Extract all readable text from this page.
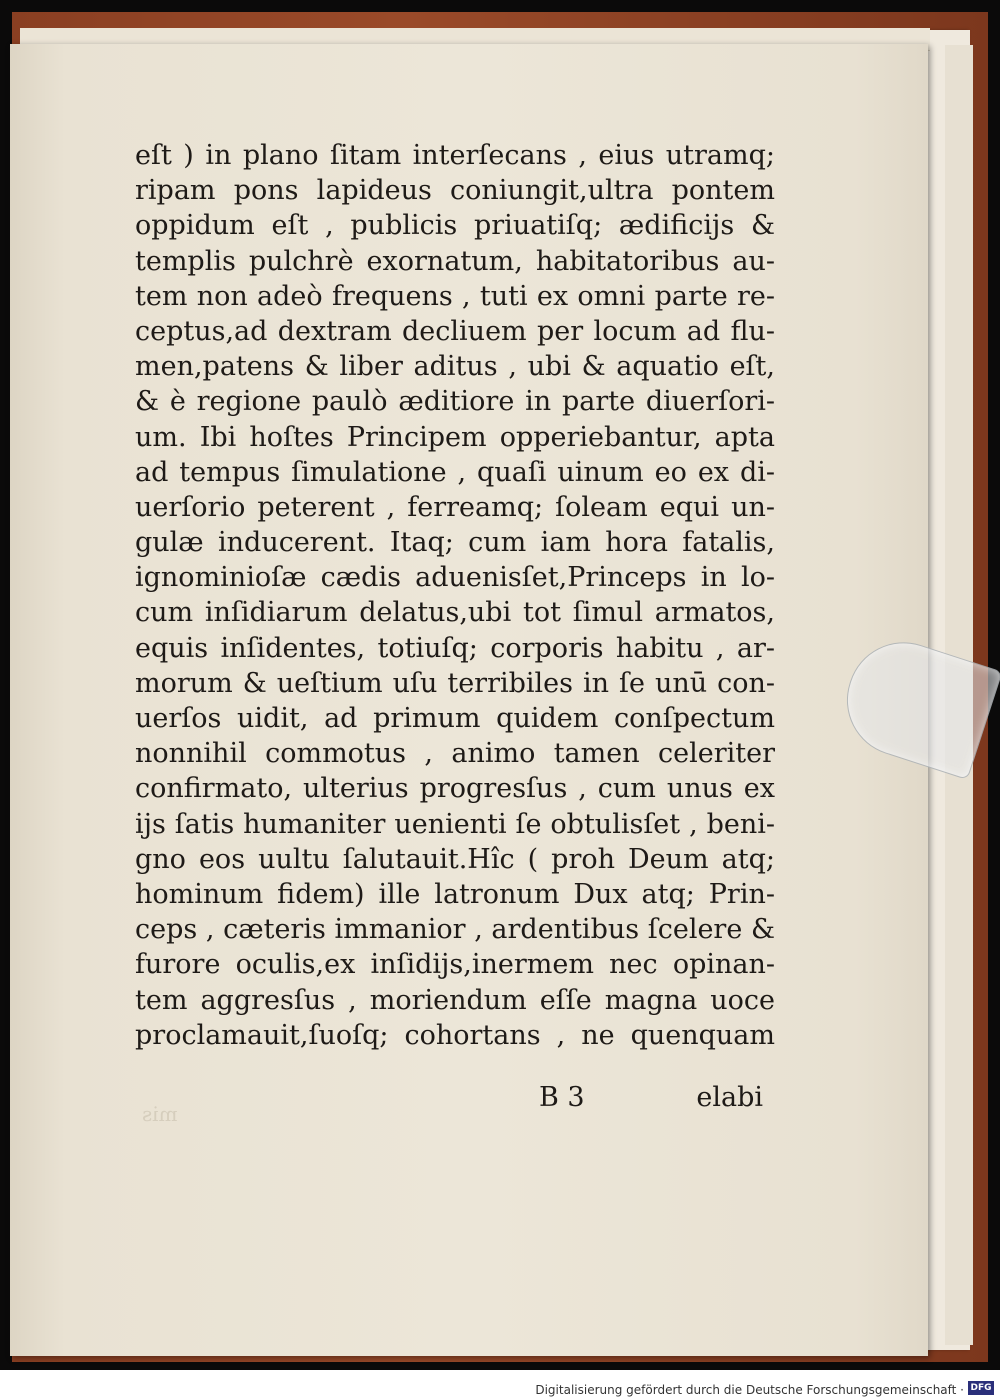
eſt ) in plano ſitam interſecans , eius utramq;
ripam pons lapideus coniungit,ultra pontem
oppidum eſt , publicis priuatiſq; ædificijs &
templis pulchrè exornatum, habitatoribus au-
tem non adeò frequens , tuti ex omni parte re-
ceptus,ad dextram decliuem per locum ad flu-
men,patens & liber aditus , ubi & aquatio eſt,
& è regione paulò æditiore in parte diuerſori-
um. Ibi hoſtes Principem opperiebantur, apta
ad tempus ſimulatione , quaſi uinum eo ex di-
uerſorio peterent , ferreamq; ſoleam equi un-
gulæ inducerent. Itaq; cum iam hora fatalis,
ignominioſæ cædis aduenisſet,Princeps in lo-
cum inſidiarum delatus,ubi tot ſimul armatos,
equis inſidentes, totiuſq; corporis habitu , ar-
morum & ueſtium uſu terribiles in ſe unū con-
uerſos uidit, ad primum quidem conſpectum
nonnihil commotus , animo tamen celeriter
confirmato, ulterius progresſus , cum unus ex
ijs ſatis humaniter uenienti ſe obtulisſet , beni-
gno eos uultu ſalutauit.Hîc ( proh Deum atq;
hominum fidem) ille latronum Dux atq; Prin-
ceps , cæteris immanior , ardentibus ſcelere &
furore oculis,ex inſidijs,inermem nec opinan-
tem aggresſus , moriendum eſſe magna uoce
proclamauit,ſuoſq; cohortans , ne quenquam
B 3	elabi
mis
Digitalisierung gefördert durch die Deutsche Forschungsgemeinschaft · DFG
